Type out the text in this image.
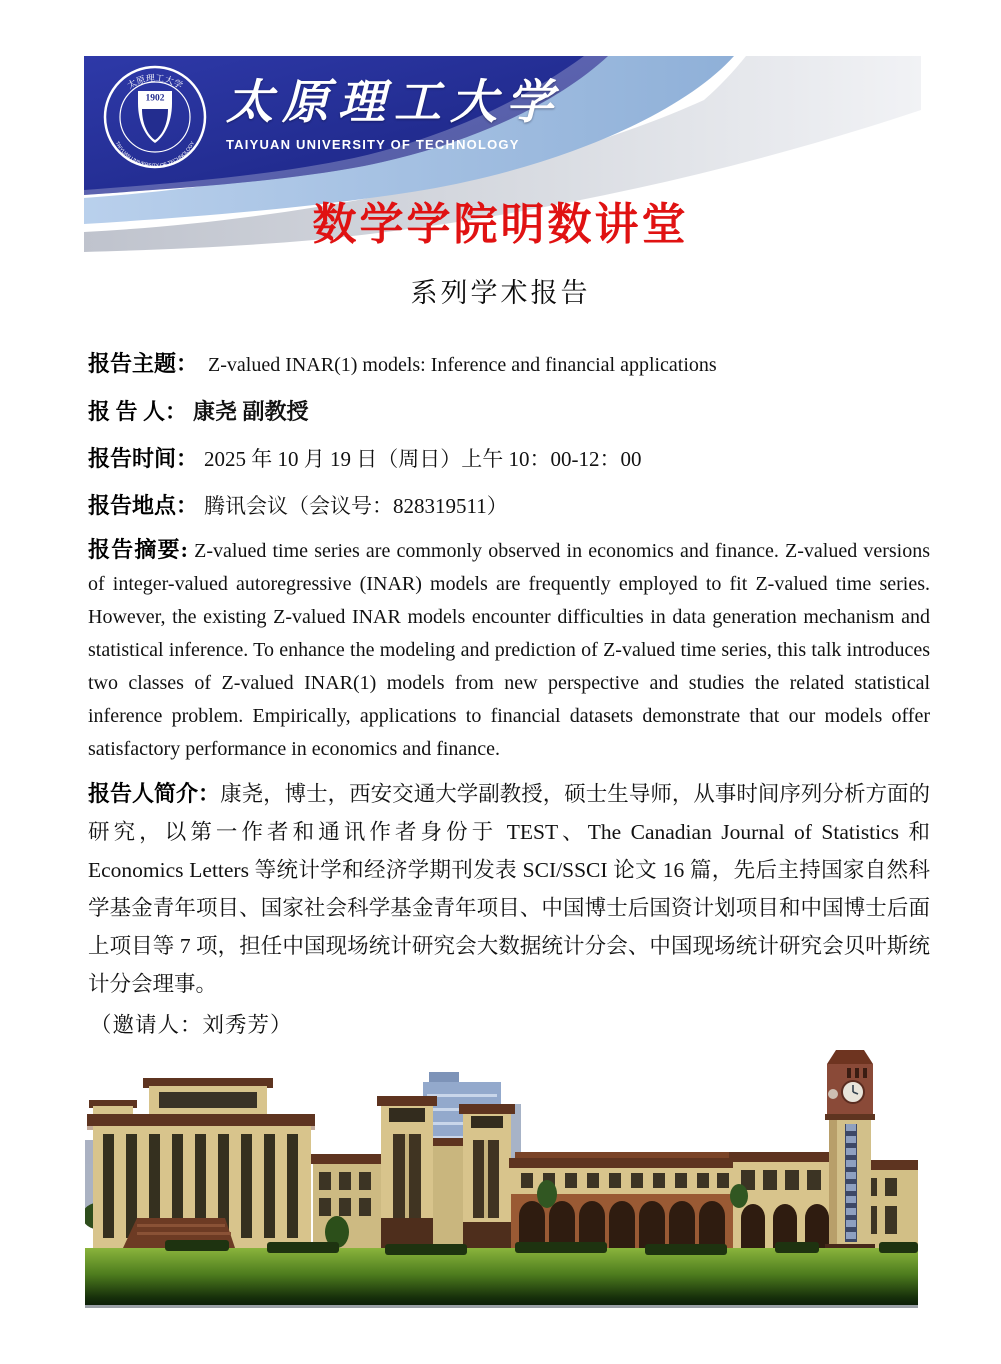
太原理工大学
TAIYUAN UNIVERSITY OF TECHNOLOGY
1902 太原理工大学
TAIYUAN UNIVERSITY OF TECHNOLOGY
数学学院明数讲堂
系列学术报告
报告主题： Z-valued INAR(1) models: Inference and financial applications
报 告 人： 康尧 副教授
报告时间： 2025 年 10 月 19 日（周日）上午 10：00-12：00
报告地点： 腾讯会议（会议号：828319511）

报告摘要: Z-valued time series are commonly observed in economics and finance. Z-valued versions of integer-valued autoregressive (INAR) models are frequently employed to fit Z-valued time series. However, the existing Z-valued INAR models encounter difficulties in data generation mechanism and statistical inference. To enhance the modeling and prediction of Z-valued time series, this talk introduces two classes of Z-valued INAR(1) models from new perspective and studies the related statistical inference problem. Empirically, applications to financial datasets demonstrate that our models offer satisfactory performance in economics and finance.

报告人简介：康尧，博士，西安交通大学副教授，硕士生导师，从事时间序列分析方面的研究，以第一作者和通讯作者身份于 TEST、The Canadian Journal of Statistics 和 Economics Letters 等统计学和经济学期刊发表 SCI/SSCI 论文 16 篇，先后主持国家自然科学基金青年项目、国家社会科学基金青年项目、中国博士后国资计划项目和中国博士后面上项目等 7 项，担任中国现场统计研究会大数据统计分会、中国现场统计研究会贝叶斯统计分会理事。

（邀请人：刘秀芳）
